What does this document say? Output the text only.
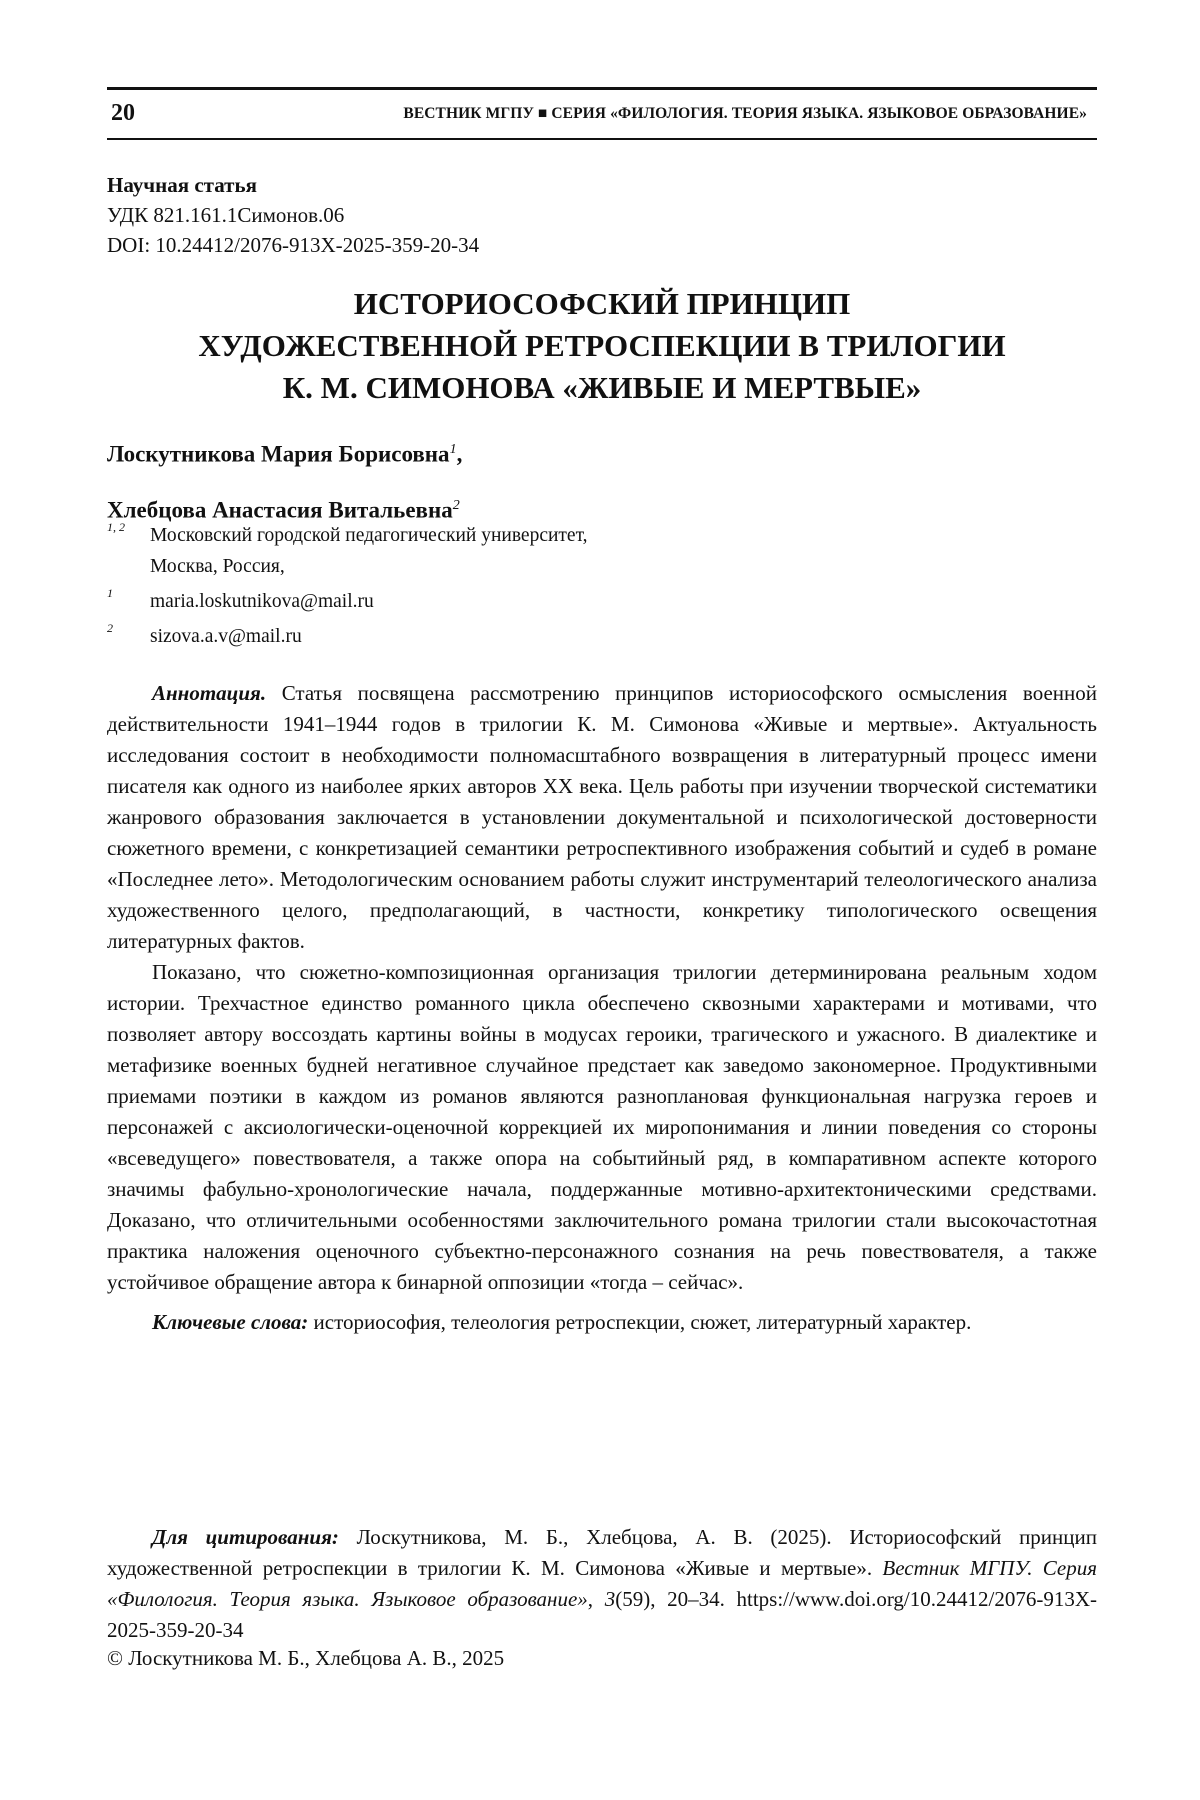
20	ВЕСТНИК МГПУ ■ СЕРИЯ «ФИЛОЛОГИЯ. ТЕОРИЯ ЯЗЫКА. ЯЗЫКОВОЕ ОБРАЗОВАНИЕ»
Научная статья
УДК 821.161.1Симонов.06
DOI: 10.24412/2076-913X-2025-359-20-34
ИСТОРИОСОФСКИЙ ПРИНЦИП
ХУДОЖЕСТВЕННОЙ РЕТРОСПЕКЦИИ В ТРИЛОГИИ
К. М. СИМОНОВА «ЖИВЫЕ И МЕРТВЫЕ»
Лоскутникова Мария Борисовна1,
Хлебцова Анастасия Витальевна2
1, 2 Московский городской педагогический университет,
Москва, Россия,
1 maria.loskutnikova@mail.ru
2 sizova.a.v@mail.ru

Аннотация. Статья посвящена рассмотрению принципов историософского осмысления военной действительности 1941–1944 годов в трилогии К. М. Симонова «Живые и мертвые». Актуальность исследования состоит в необходимости полномасштабного возвращения в литературный процесс имени писателя как одного из наиболее ярких авторов XX века. Цель работы при изучении творческой систематики жанрового образования заключается в установлении документальной и психологической достоверности сюжетного времени, с конкретизацией семантики ретроспективного изображения событий и судеб в романе «Последнее лето». Методологическим основанием работы служит инструментарий телеологического анализа художественного целого, предполагающий, в частности, конкретику типологического освещения литературных фактов.

Показано, что сюжетно-композиционная организация трилогии детерминирована реальным ходом истории. Трехчастное единство романного цикла обеспечено сквозными характерами и мотивами, что позволяет автору воссоздать картины войны в модусах героики, трагического и ужасного. В диалектике и метафизике военных будней негативное случайное предстает как заведомо закономерное. Продуктивными приемами поэтики в каждом из романов являются разноплановая функциональная нагрузка героев и персонажей с аксиологически-оценочной коррекцией их миропонимания и линии поведения со стороны «всеведущего» повествователя, а также опора на событийный ряд, в компаративном аспекте которого значимы фабульно-хронологические начала, поддержанные мотивно-архитектоническими средствами. Доказано, что отличительными особенностями заключительного романа трилогии стали высокочастотная практика наложения оценочного субъектно-персонажного сознания на речь повествователя, а также устойчивое обращение автора к бинарной оппозиции «тогда – сейчас».

Ключевые слова: историософия, телеология ретроспекции, сюжет, литературный характер.

Для цитирования: Лоскутникова, М. Б., Хлебцова, А. В. (2025). Историософский принцип художественной ретроспекции в трилогии К. М. Симонова «Живые и мертвые». Вестник МГПУ. Серия «Филология. Теория языка. Языковое образование», 3(59), 20–34. https://www.doi.org/10.24412/2076-913X-2025-359-20-34
© Лоскутникова М. Б., Хлебцова А. В., 2025
